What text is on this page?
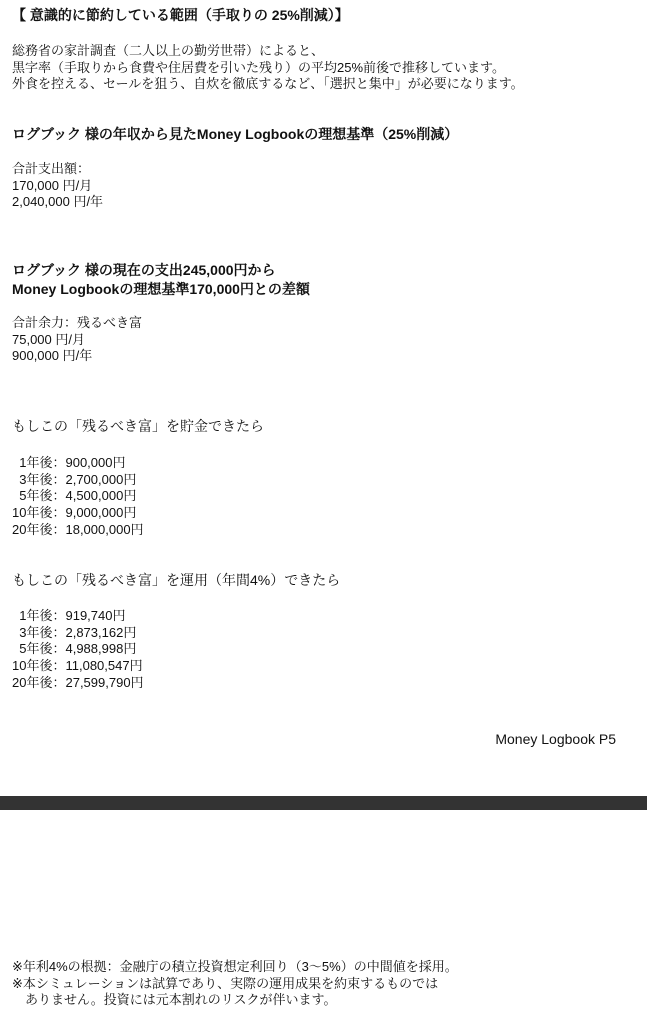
【 意識的に節約している範囲（手取りの 25%削減）】
総務省の家計調査（二人以上の勤労世帯）によると、
黒字率（手取りから食費や住居費を引いた残り）の平均25%前後で推移しています。
外食を控える、セールを狙う、自炊を徹底するなど、「選択と集中」が必要になります。
ログブック 様の年収から見たMoney Logbookの理想基準（25%削減）
合計支出額：
170,000 円/月
2,040,000 円/年
ログブック 様の現在の支出245,000円から
Money Logbookの理想基準170,000円との差額
合計余力：残るべき富
75,000 円/月
900,000 円/年
もしこの「残るべき富」を貯金できたら
1年後	：	900,000円
3年後	：	2,700,000円
5年後	：	4,500,000円
10年後	：	9,000,000円
20年後	：	18,000,000円
もしこの「残るべき富」を運用（年間4%）できたら
1年後	：	919,740円
3年後	：	2,873,162円
5年後	：	4,988,998円
10年後	：	11,080,547円
20年後	：	27,599,790円
Money Logbook P5
※年利4%の根拠：金融庁の積立投資想定利回り（3〜5%）の中間値を採用。
※本シミュレーションは試算であり、実際の運用成果を約束するものでは
　ありません。投資には元本割れのリスクが伴います。
